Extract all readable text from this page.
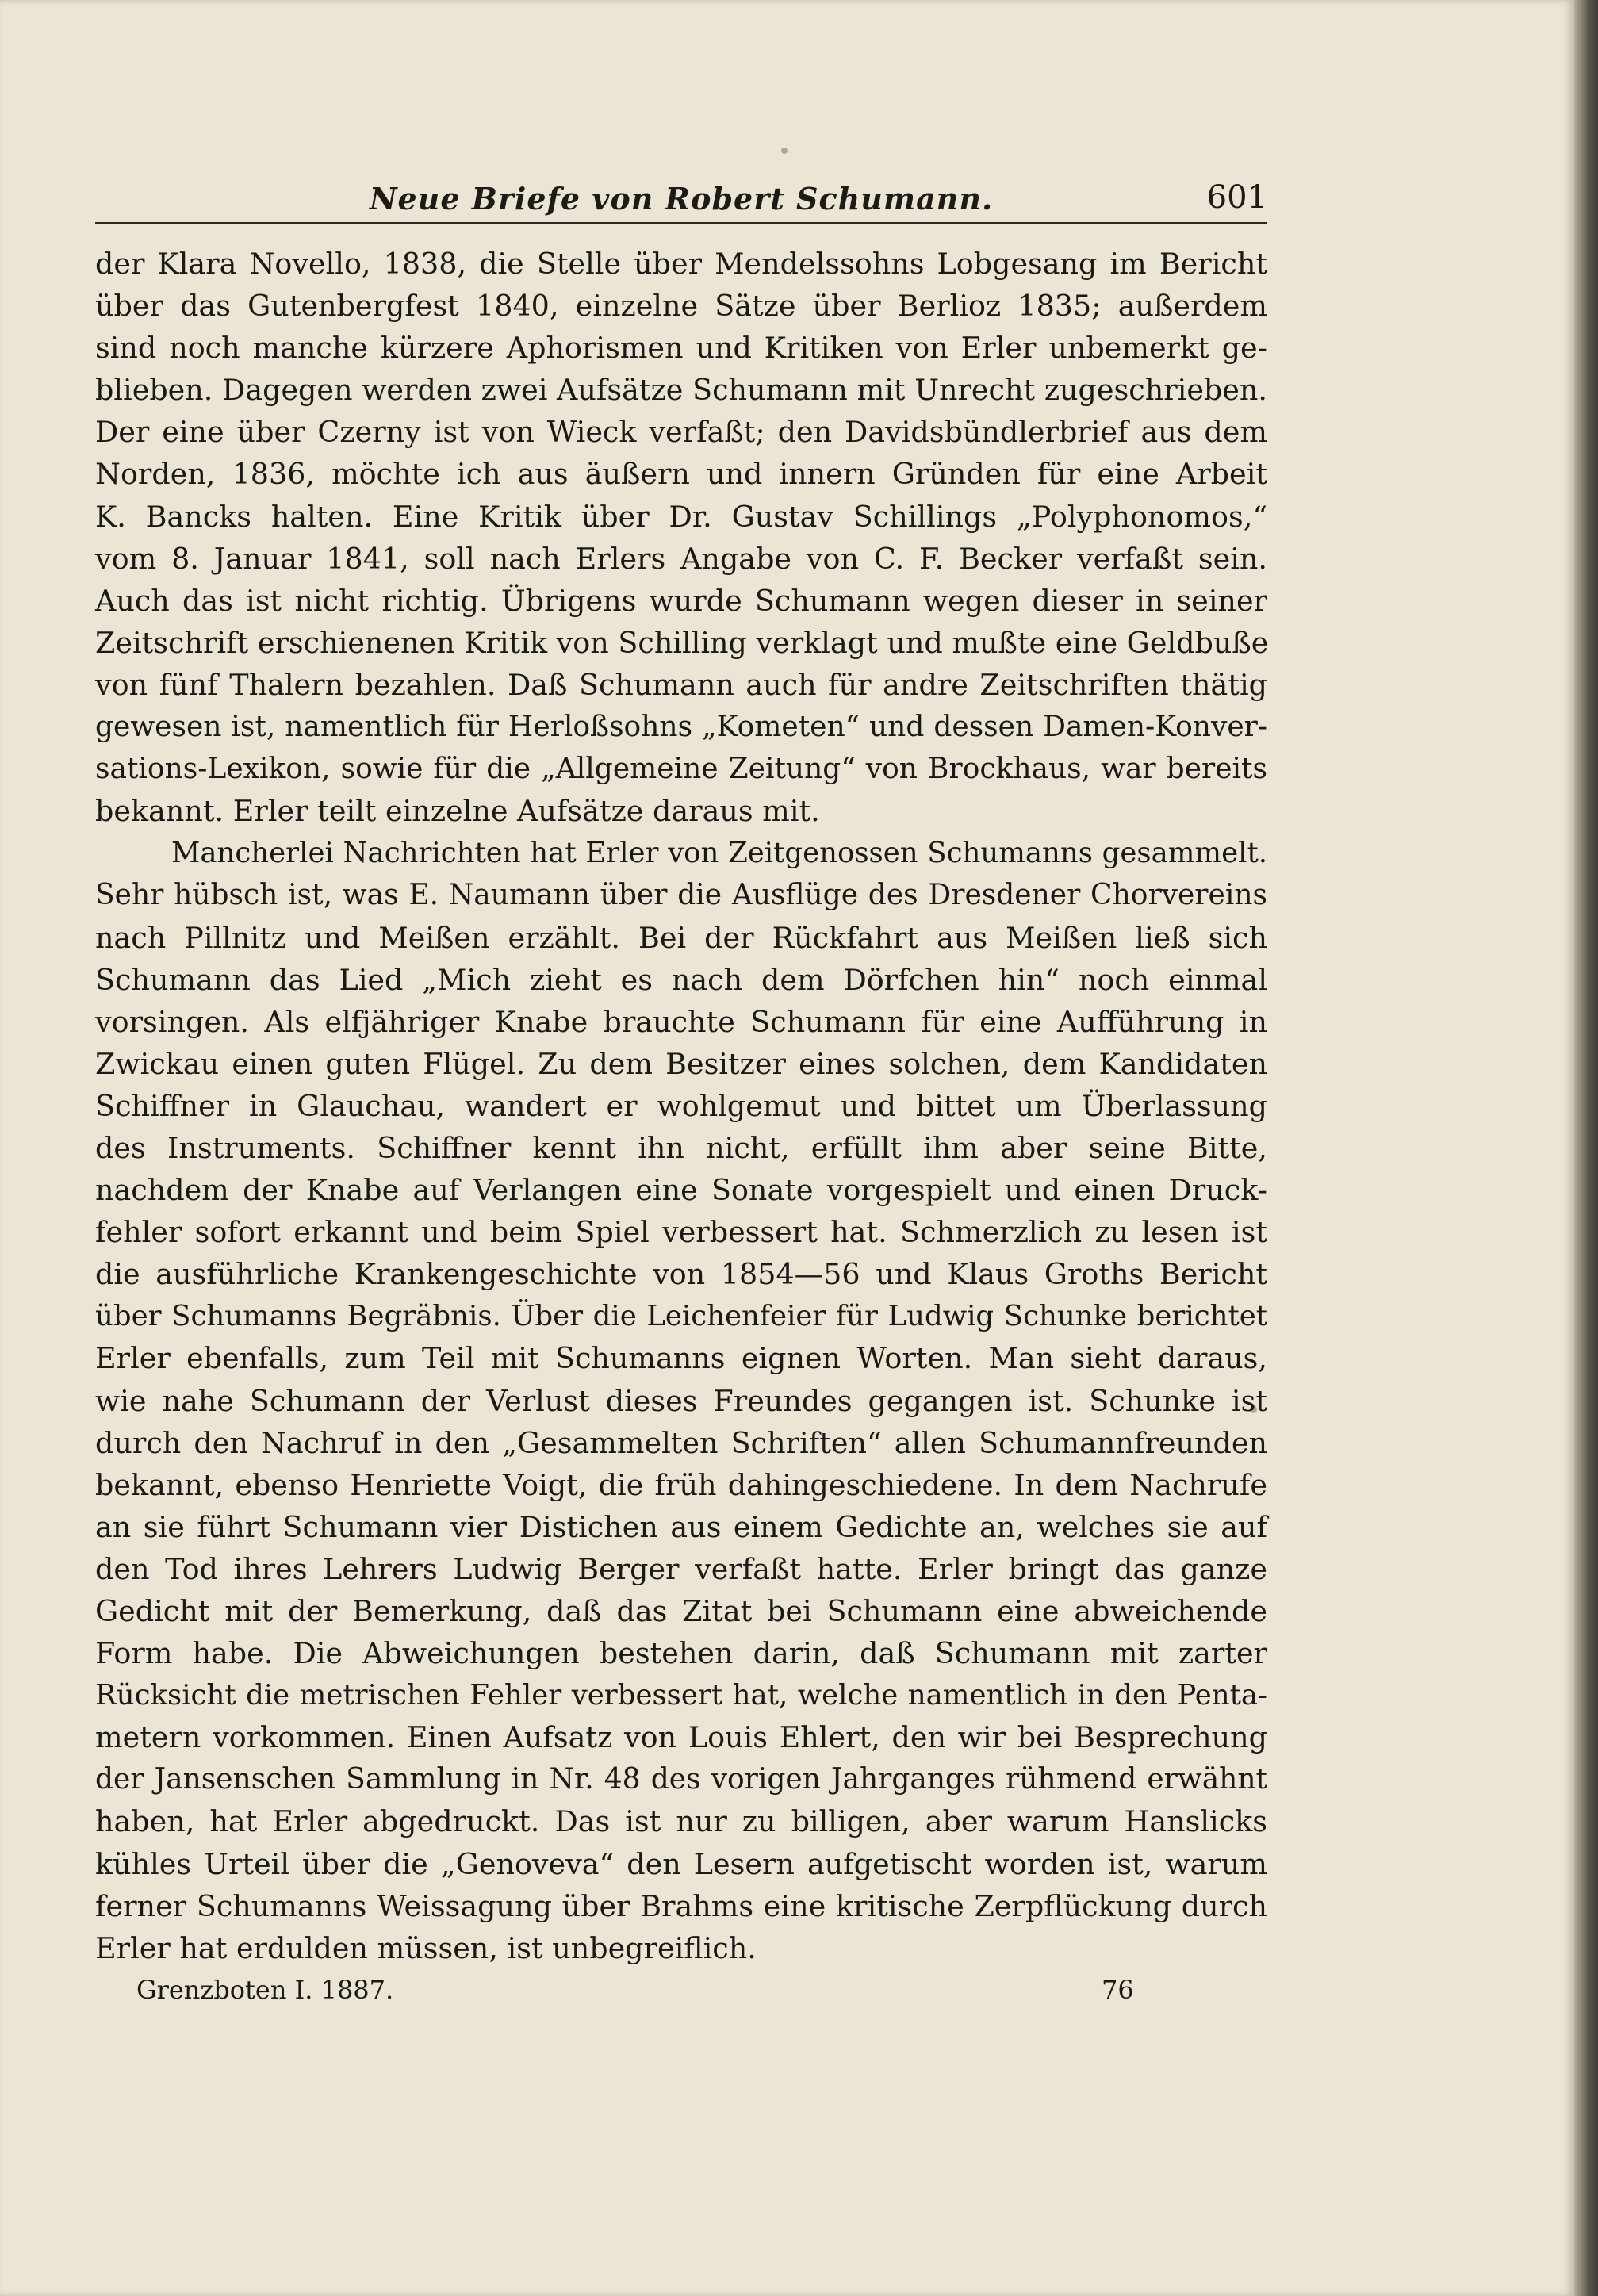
Neue Briefe von Robert Schumann.	601
der Klara Novello, 1838, die Stelle über Mendelssohns Lobgesang im Bericht
über das Gutenbergfest 1840, einzelne Sätze über Berlioz 1835; außerdem
sind noch manche kürzere Aphorismen und Kritiken von Erler unbemerkt ge-
blieben. Dagegen werden zwei Aufsätze Schumann mit Unrecht zugeschrieben.
Der eine über Czerny ist von Wieck verfaßt; den Davidsbündlerbrief aus dem
Norden, 1836, möchte ich aus äußern und innern Gründen für eine Arbeit
K. Bancks halten. Eine Kritik über Dr. Gustav Schillings „Polyphonomos,“
vom 8. Januar 1841, soll nach Erlers Angabe von C. F. Becker verfaßt sein.
Auch das ist nicht richtig. Übrigens wurde Schumann wegen dieser in seiner
Zeitschrift erschienenen Kritik von Schilling verklagt und mußte eine Geldbuße
von fünf Thalern bezahlen. Daß Schumann auch für andre Zeitschriften thätig
gewesen ist, namentlich für Herloßsohns „Kometen“ und dessen Damen-Konver-
sations-Lexikon, sowie für die „Allgemeine Zeitung“ von Brockhaus, war bereits
bekannt. Erler teilt einzelne Aufsätze daraus mit.
Mancherlei Nachrichten hat Erler von Zeitgenossen Schumanns gesammelt.
Sehr hübsch ist, was E. Naumann über die Ausflüge des Dresdener Chorvereins
nach Pillnitz und Meißen erzählt. Bei der Rückfahrt aus Meißen ließ sich
Schumann das Lied „Mich zieht es nach dem Dörfchen hin“ noch einmal
vorsingen. Als elfjähriger Knabe brauchte Schumann für eine Aufführung in
Zwickau einen guten Flügel. Zu dem Besitzer eines solchen, dem Kandidaten
Schiffner in Glauchau, wandert er wohlgemut und bittet um Überlassung
des Instruments. Schiffner kennt ihn nicht, erfüllt ihm aber seine Bitte,
nachdem der Knabe auf Verlangen eine Sonate vorgespielt und einen Druck-
fehler sofort erkannt und beim Spiel verbessert hat. Schmerzlich zu lesen ist
die ausführliche Krankengeschichte von 1854—56 und Klaus Groths Bericht
über Schumanns Begräbnis. Über die Leichenfeier für Ludwig Schunke berichtet
Erler ebenfalls, zum Teil mit Schumanns eignen Worten. Man sieht daraus,
wie nahe Schumann der Verlust dieses Freundes gegangen ist. Schunke ist
durch den Nachruf in den „Gesammelten Schriften“ allen Schumannfreunden
bekannt, ebenso Henriette Voigt, die früh dahingeschiedene. In dem Nachrufe
an sie führt Schumann vier Distichen aus einem Gedichte an, welches sie auf
den Tod ihres Lehrers Ludwig Berger verfaßt hatte. Erler bringt das ganze
Gedicht mit der Bemerkung, daß das Zitat bei Schumann eine abweichende
Form habe. Die Abweichungen bestehen darin, daß Schumann mit zarter
Rücksicht die metrischen Fehler verbessert hat, welche namentlich in den Penta-
metern vorkommen. Einen Aufsatz von Louis Ehlert, den wir bei Besprechung
der Jansenschen Sammlung in Nr. 48 des vorigen Jahrganges rühmend erwähnt
haben, hat Erler abgedruckt. Das ist nur zu billigen, aber warum Hanslicks
kühles Urteil über die „Genoveva“ den Lesern aufgetischt worden ist, warum
ferner Schumanns Weissagung über Brahms eine kritische Zerpflückung durch
Erler hat erdulden müssen, ist unbegreiflich.
Grenzboten I. 1887.	76
